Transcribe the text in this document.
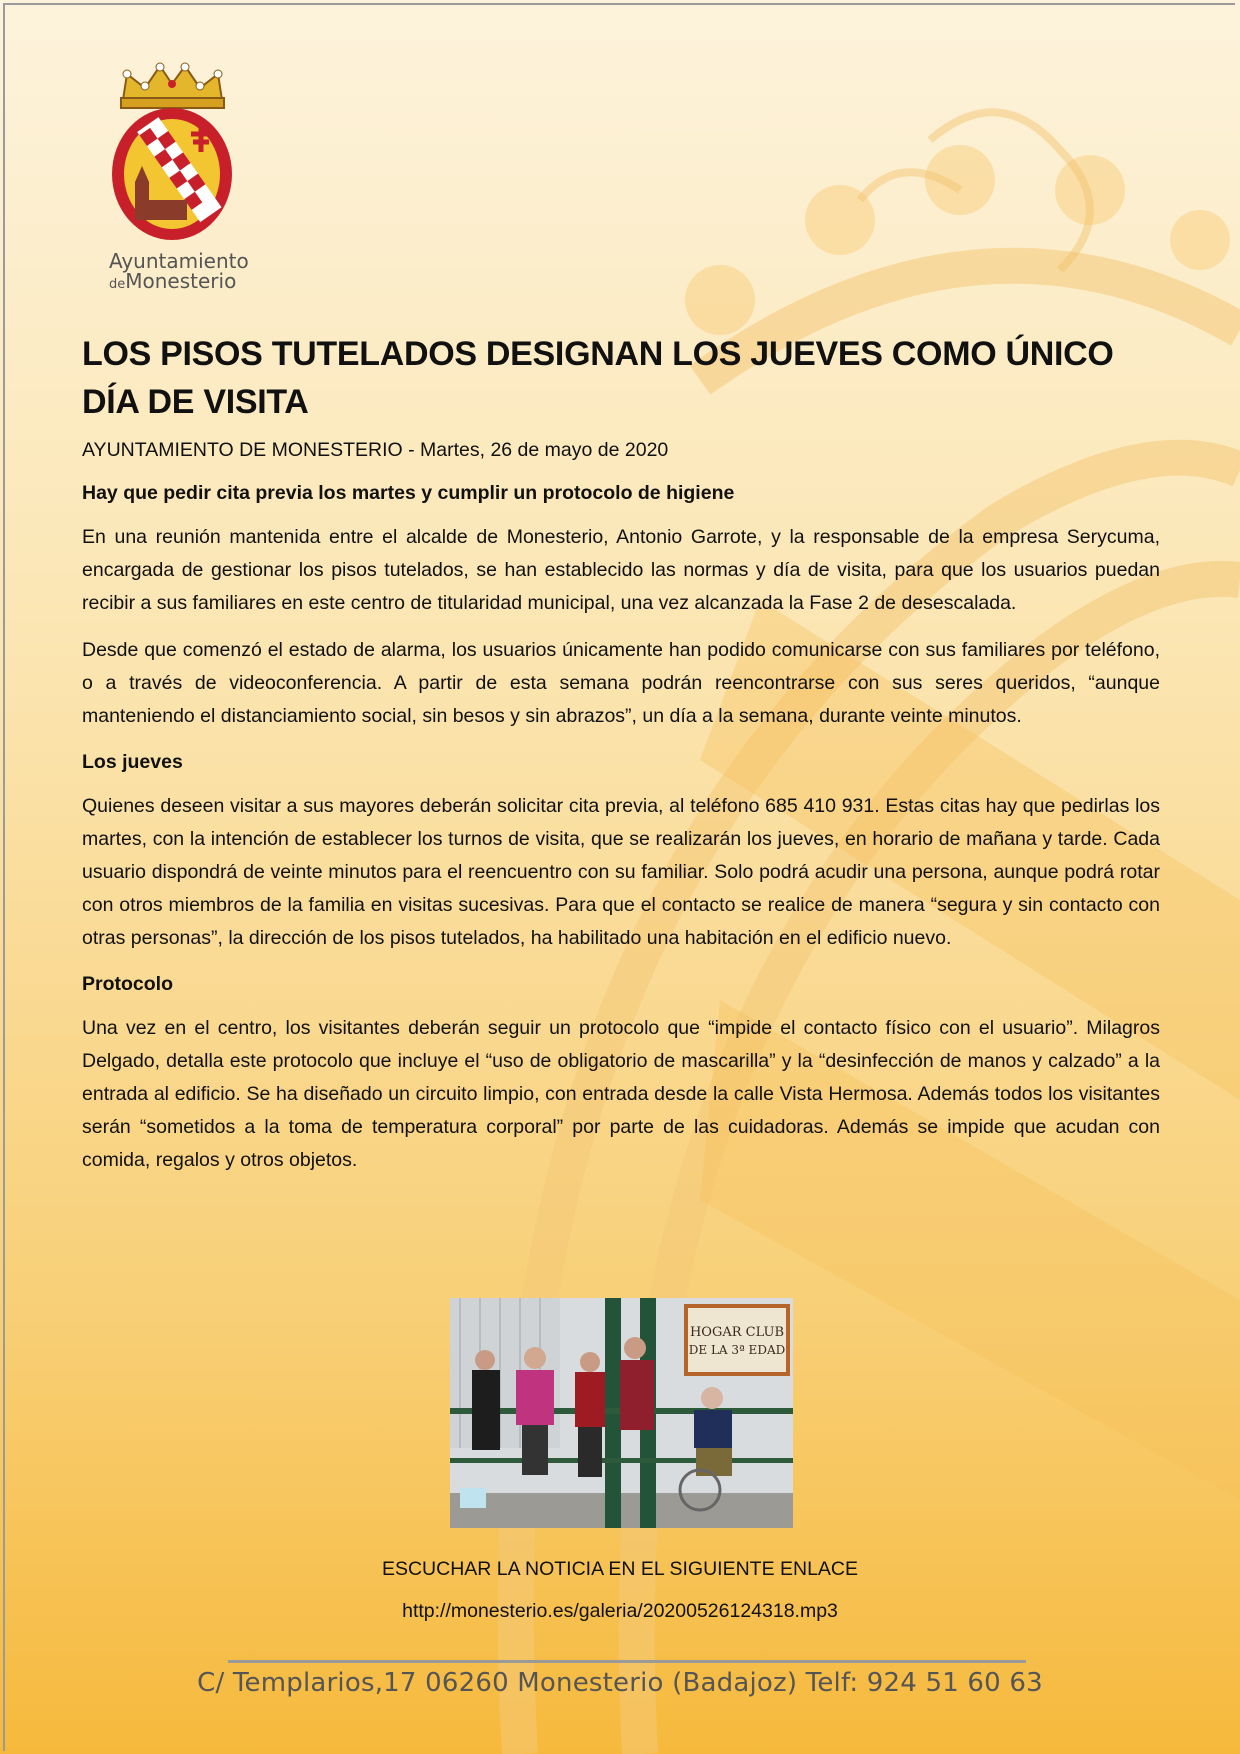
Ayuntamiento
deMonesterio
LOS PISOS TUTELADOS DESIGNAN LOS JUEVES COMO ÚNICO DÍA DE VISITA
AYUNTAMIENTO DE MONESTERIO - Martes, 26 de mayo de 2020
Hay que pedir cita previa los martes y cumplir un protocolo de higiene

En una reunión mantenida entre el alcalde de Monesterio, Antonio Garrote, y la responsable de la empresa Serycuma, encargada de gestionar los pisos tutelados, se han establecido las normas y día de visita, para que los usuarios puedan recibir a sus familiares en este centro de titularidad municipal, una vez alcanzada la Fase 2 de desescalada.

Desde que comenzó el estado de alarma, los usuarios únicamente han podido comunicarse con sus familiares por teléfono, o a través de videoconferencia. A partir de esta semana podrán reencontrarse con sus seres queridos, “aunque manteniendo el distanciamiento social, sin besos y sin abrazos”, un día a la semana, durante veinte minutos.

Los jueves

Quienes deseen visitar a sus mayores deberán solicitar cita previa, al teléfono 685 410 931. Estas citas hay que pedirlas los martes, con la intención de establecer los turnos de visita, que se realizarán los jueves, en horario de mañana y tarde. Cada usuario dispondrá de veinte minutos para el reencuentro con su familiar. Solo podrá acudir una persona, aunque podrá rotar con otros miembros de la familia en visitas sucesivas. Para que el contacto se realice de manera “segura y sin contacto con otras personas”, la dirección de los pisos tutelados, ha habilitado una habitación en el edificio nuevo.

Protocolo

Una vez en el centro, los visitantes deberán seguir un protocolo que “impide el contacto físico con el usuario”. Milagros Delgado, detalla este protocolo que incluye el “uso de obligatorio de mascarilla” y la “desinfección de manos y calzado” a la entrada al edificio. Se ha diseñado un circuito limpio, con entrada desde la calle Vista Hermosa. Además todos los visitantes serán “sometidos a la toma de temperatura corporal” por parte de las cuidadoras. Además se impide que acudan con comida, regalos y otros objetos.

HOGAR CLUB
DE LA 3ª EDAD
ESCUCHAR LA NOTICIA EN EL SIGUIENTE ENLACE
http://monesterio.es/galeria/20200526124318.mp3
C/ Templarios,17 06260 Monesterio (Badajoz) Telf: 924 51 60 63
